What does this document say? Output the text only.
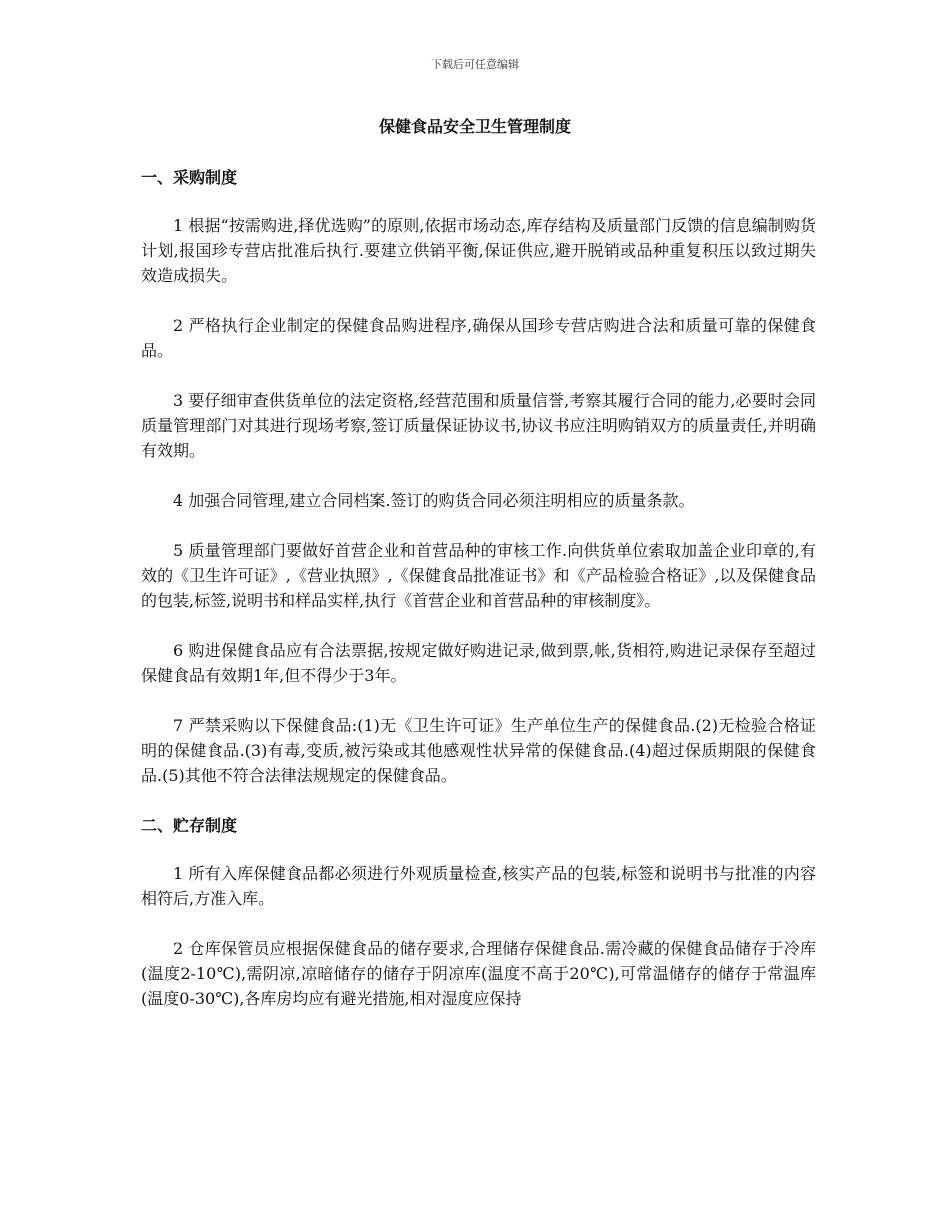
下载后可任意编辑
保健食品安全卫生管理制度
一、采购制度

1 根据“按需购进,择优选购”的原则,依据市场动态,库存结构及质量部门反馈的信息编制购货计划,报国珍专营店批准后执行.要建立供销平衡,保证供应,避开脱销或品种重复积压以致过期失效造成损失。

2 严格执行企业制定的保健食品购进程序,确保从国珍专营店购进合法和质量可靠的保健食品。

3 要仔细审查供货单位的法定资格,经营范围和质量信誉,考察其履行合同的能力,必要时会同质量管理部门对其进行现场考察,签订质量保证协议书,协议书应注明购销双方的质量责任,并明确有效期。

4 加强合同管理,建立合同档案.签订的购货合同必须注明相应的质量条款。

5 质量管理部门要做好首营企业和首营品种的审核工作.向供货单位索取加盖企业印章的,有效的《卫生许可证》,《营业执照》,《保健食品批准证书》和《产品检验合格证》,以及保健食品的包装,标签,说明书和样品实样,执行《首营企业和首营品种的审核制度》。

6 购进保健食品应有合法票据,按规定做好购进记录,做到票,帐,货相符,购进记录保存至超过保健食品有效期1年,但不得少于3年。

7 严禁采购以下保健食品:(1)无《卫生许可证》生产单位生产的保健食品.(2)无检验合格证明的保健食品.(3)有毒,变质,被污染或其他感观性状异常的保健食品.(4)超过保质期限的保健食品.(5)其他不符合法律法规规定的保健食品。

二、贮存制度

1 所有入库保健食品都必须进行外观质量检查,核实产品的包装,标签和说明书与批准的内容相符后,方准入库。

2 仓库保管员应根据保健食品的储存要求,合理储存保健食品.需冷藏的保健食品储存于冷库(温度2-10℃),需阴凉,凉暗储存的储存于阴凉库(温度不高于20℃),可常温储存的储存于常温库(温度0-30℃),各库房均应有避光措施,相对湿度应保持
